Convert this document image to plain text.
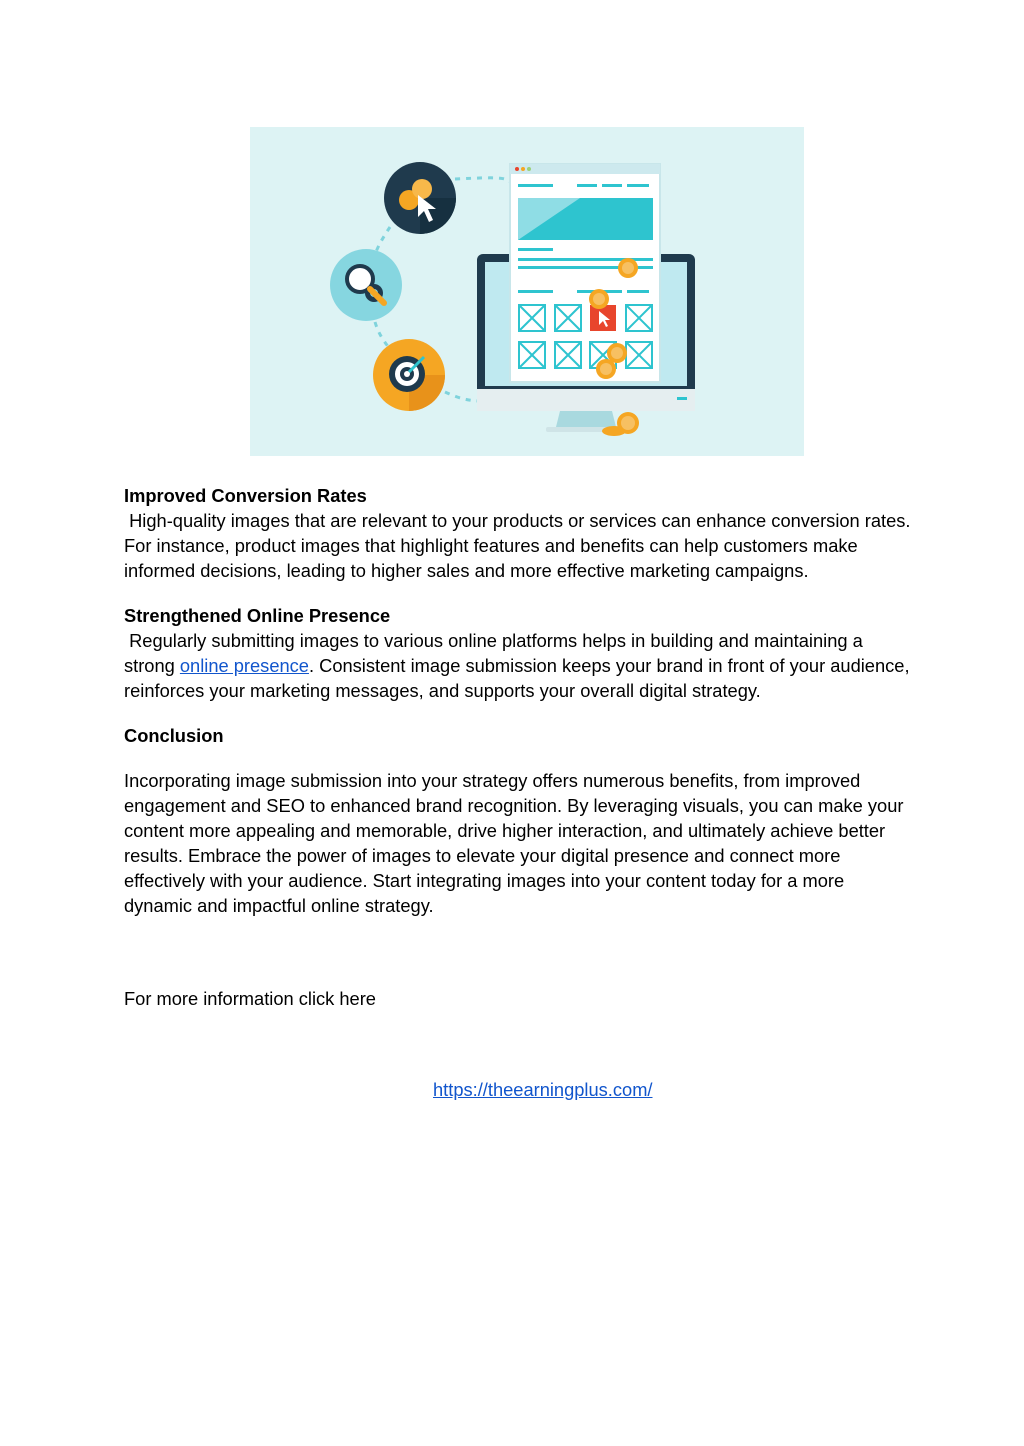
Improved Conversion Rates

High-quality images that are relevant to your products or services can enhance conversion rates. For instance, product images that highlight features and benefits can help customers make informed decisions, leading to higher sales and more effective marketing campaigns.

Strengthened Online Presence

Regularly submitting images to various online platforms helps in building and maintaining a strong online presence. Consistent image submission keeps your brand in front of your audience, reinforces your marketing messages, and supports your overall digital strategy.

Conclusion

Incorporating image submission into your strategy offers numerous benefits, from improved engagement and SEO to enhanced brand recognition. By leveraging visuals, you can make your content more appealing and memorable, drive higher interaction, and ultimately achieve better results. Embrace the power of images to elevate your digital presence and connect more effectively with your audience. Start integrating images into your content today for a more dynamic and impactful online strategy.

For more information click here
https://theearningplus.com/
